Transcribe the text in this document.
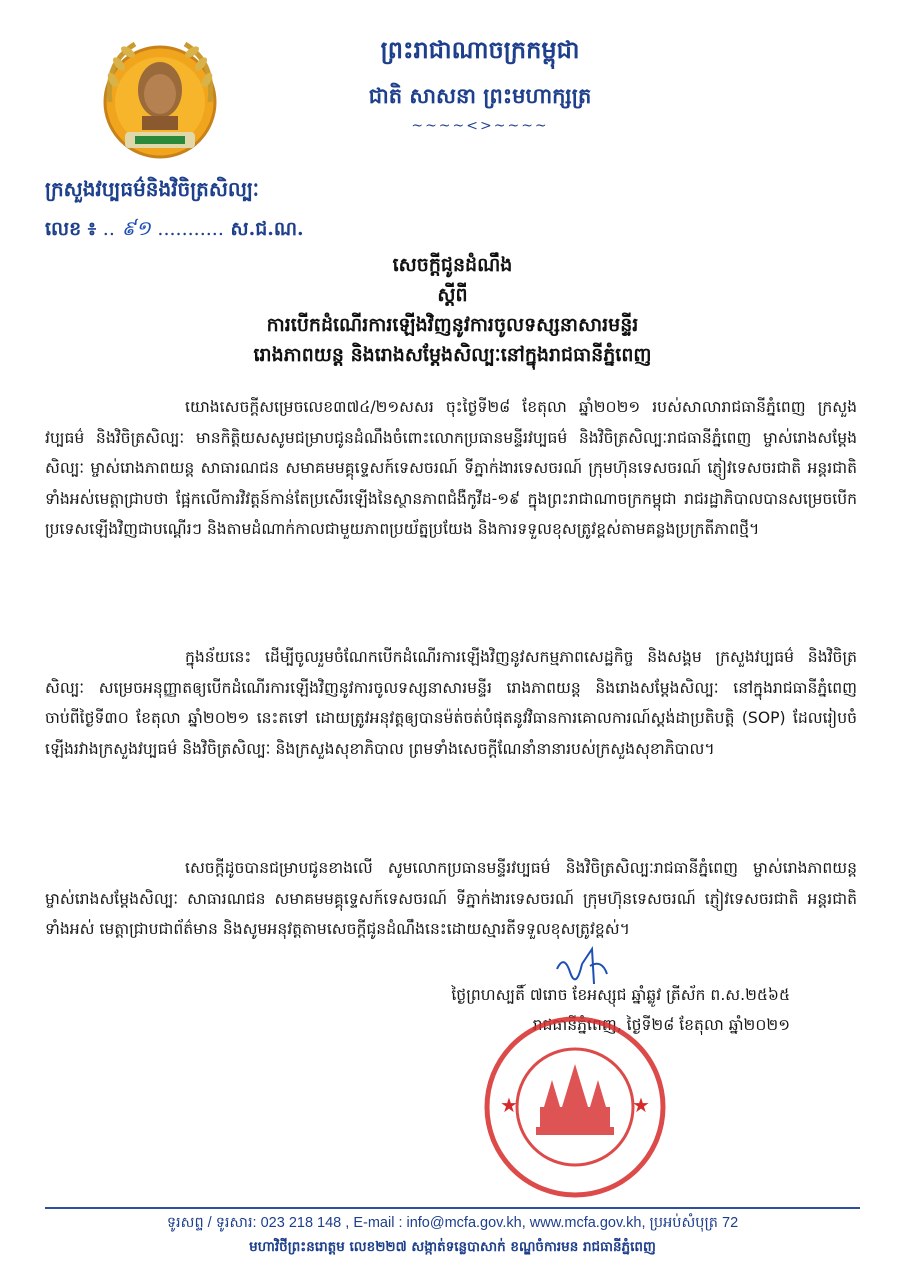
ព្រះរាជាណាចក្រកម្ពុជា
ជាតិ សាសនា ព្រះមហាក្សត្រ
~~~~<>~~~~
ក្រសួងវប្បធម៌និងវិចិត្រសិល្បៈ
លេខ ៖ .. ៩១ ........... ស.ជ.ណ.
សេចក្តីជូនដំណឹង
ស្តីពី
ការបើកដំណើរការឡើងវិញនូវការចូលទស្សនាសារមន្ទីរ
រោងភាពយន្ត និងរោងសម្តែងសិល្បៈនៅក្នុងរាជធានីភ្នំពេញ
យោងសេចក្តីសម្រេចលេខ៣៧៤/២១សសរ ចុះថ្ងៃទី២៨ ខែតុលា ឆ្នាំ២០២១ របស់សាលារាជធានីភ្នំពេញ ក្រសួងវប្បធម៌ និងវិចិត្រសិល្បៈ មានកិត្តិយសសូមជម្រាបជូនដំណឹងចំពោះលោកប្រធានមន្ទីរវប្បធម៌ និងវិចិត្រសិល្បៈរាជធានីភ្នំពេញ ម្ចាស់រោងសម្តែងសិល្បៈ ម្ចាស់រោងភាពយន្ត សាធារណជន សមាគមមគ្គុទ្ទេសក៍ទេសចរណ៍ ទីភ្នាក់ងារទេសចរណ៍ ក្រុមហ៊ុនទេសចរណ៍ ភ្ញៀវទេសចរជាតិ អន្តរជាតិ ទាំងអស់មេត្តាជ្រាបថា ផ្អែកលើការវិវត្តន៍កាន់តែប្រសើរឡើងនៃស្ថានភាពជំងឺកូវីដ-១៩ ក្នុងព្រះរាជាណាចក្រកម្ពុជា រាជរដ្ឋាភិបាលបានសម្រេចបើកប្រទេសឡើងវិញជាបណ្តើរៗ និងតាមដំណាក់កាលជាមួយភាពប្រយ័ត្នប្រយែង និងការទទួលខុសត្រូវខ្ពស់តាមគន្លងប្រក្រតីភាពថ្មី។
ក្នុងន័យនេះ ដើម្បីចូលរួមចំណែកបើកដំណើរការឡើងវិញនូវសកម្មភាពសេដ្ឋកិច្ច និងសង្គម ក្រសួងវប្បធម៌ និងវិចិត្រសិល្បៈ សម្រេចអនុញ្ញាតឲ្យបើកដំណើរការឡើងវិញនូវការចូលទស្សនាសារមន្ទីរ រោងភាពយន្ត និងរោងសម្តែងសិល្បៈ នៅក្នុងរាជធានីភ្នំពេញ ចាប់ពីថ្ងៃទី៣០ ខែតុលា ឆ្នាំ២០២១ នេះតទៅ ដោយត្រូវអនុវត្តឲ្យបានម៉ត់ចត់បំផុតនូវវិធានការគោលការណ៍ស្តង់ដាប្រតិបត្តិ (SOP) ដែលរៀបចំឡើងរវាងក្រសួងវប្បធម៌ និងវិចិត្រសិល្បៈ និងក្រសួងសុខាភិបាល ព្រមទាំងសេចក្តីណែនាំនានារបស់ក្រសួងសុខាភិបាល។
សេចក្តីដូចបានជម្រាបជូនខាងលើ សូមលោកប្រធានមន្ទីរវប្បធម៌ និងវិចិត្រសិល្បៈរាជធានីភ្នំពេញ ម្ចាស់រោងភាពយន្ត ម្ចាស់រោងសម្តែងសិល្បៈ សាធារណជន សមាគមមគ្គុទ្ទេសក៍ទេសចរណ៍ ទីភ្នាក់ងារទេសចរណ៍ ក្រុមហ៊ុនទេសចរណ៍ ភ្ញៀវទេសចរជាតិ អន្តរជាតិទាំងអស់ មេត្តាជ្រាបជាព័ត៌មាន និងសូមអនុវត្តតាមសេចក្តីជូនដំណឹងនេះដោយស្មារតីទទួលខុសត្រូវខ្ពស់។
ថ្ងៃព្រហស្បតិ៍ ៧រោច ខែអស្សុជ ឆ្នាំឆ្លូវ ត្រីស័ក ព.ស.២៥៦៥
រាជធានីភ្នំពេញ, ថ្ងៃទី២៨ ខែតុលា ឆ្នាំ២០២១
★	★
ទូរសព្ទ / ទូរសារ: 023 218 148 , E-mail : info@mcfa.gov.kh, www.mcfa.gov.kh, ប្រអប់សំបុត្រ 72
មហាវិថីព្រះនរោត្តម លេខ២២៧ សង្កាត់ទន្លេបាសាក់ ខណ្ឌចំការមន រាជធានីភ្នំពេញ
